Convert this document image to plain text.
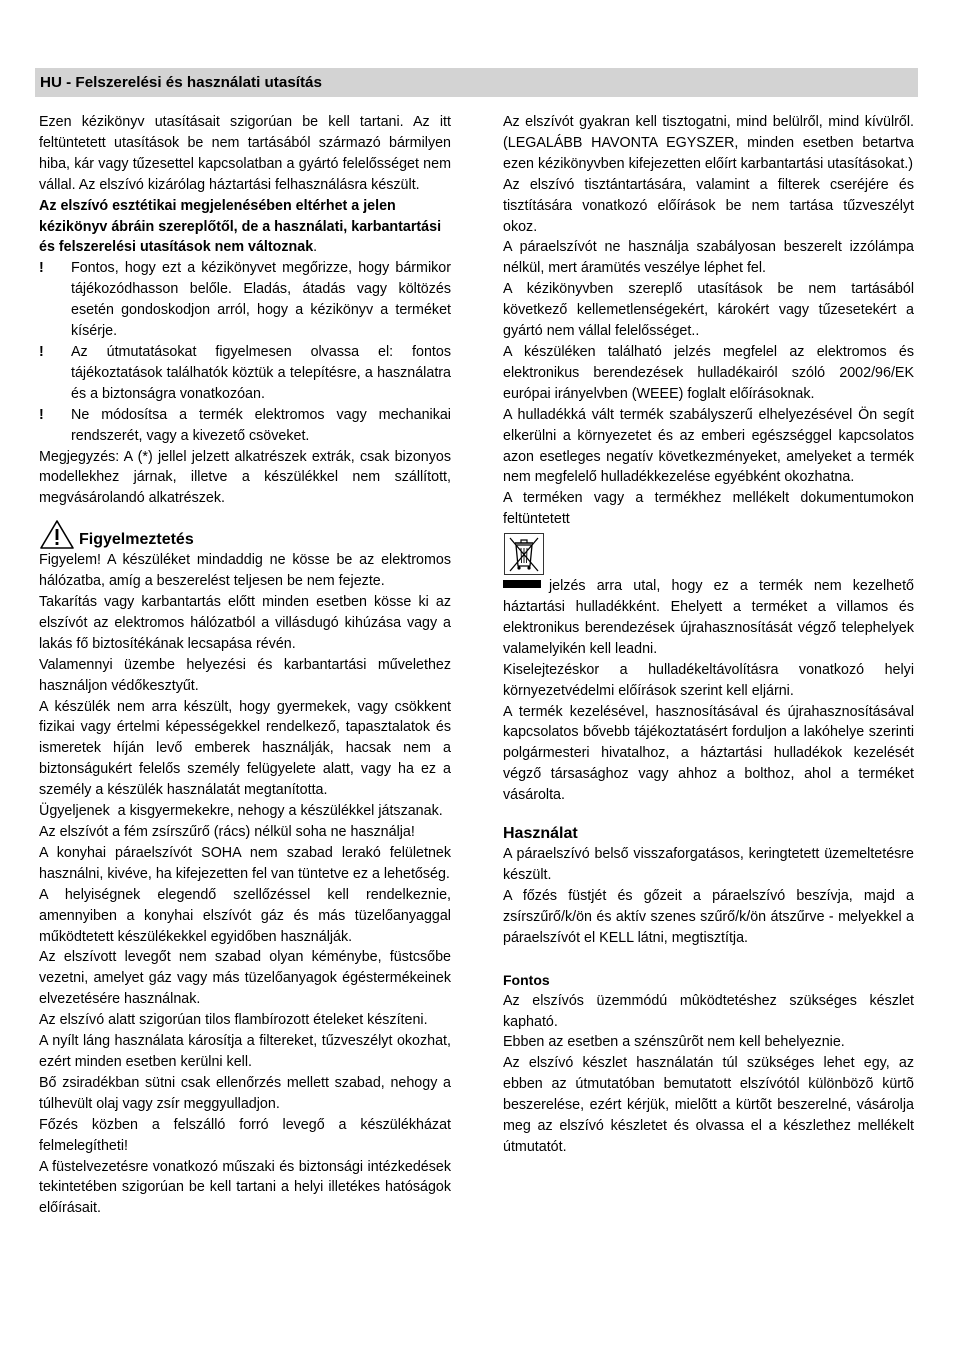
HU - Felszerelési és használati utasítás

Ezen kézikönyv utasításait szigorúan be kell tartani. Az itt feltüntetett utasítások be nem tartásából származó bármilyen hiba, kár vagy tűzesettel kapcsolatban a gyártó felelősséget nem vállal. Az elszívó kizárólag háztartási felhasználásra készült.

Az elszívó esztétikai megjelenésében eltérhet a jelen kézikönyv ábráin szereplőtől, de a használati, karbantartási és felszerelési utasítások nem változnak.

! Fontos, hogy ezt a kézikönyvet megőrizze, hogy bármikor tájékozódhasson belőle. Eladás, átadás vagy költözés esetén gondoskodjon arról, hogy a kézikönyv a terméket kísérje.
! Az útmutatásokat figyelmesen olvassa el: fontos tájékoztatások találhatók köztük a telepítésre, a használatra és a biztonságra vonatkozóan.
! Ne módosítsa a termék elektromos vagy mechanikai rendszerét, vagy a kivezető csöveket.

Megjegyzés: A (*) jellel jelzett alkatrészek extrák, csak bizonyos modellekhez járnak, illetve a készülékkel nem szállított, megvásárolandó alkatrészek.

Figyelmeztetés

Figyelem! A készüléket mindaddig ne kösse be az elektromos hálózatba, amíg a beszerelést teljesen be nem fejezte.

Takarítás vagy karbantartás előtt minden esetben kösse ki az elszívót az elektromos hálózatból a villásdugó kihúzása vagy a lakás fő biztosítékának lecsapása révén.

Valamennyi üzembe helyezési és karbantartási művelethez használjon védőkesztyűt.

A készülék nem arra készült, hogy gyermekek, vagy csökkent fizikai vagy értelmi képességekkel rendelkező, tapasztalatok és ismeretek híján levő emberek használják, hacsak nem a biztonságukért felelős személy felügyelete alatt, vagy ha ez a személy a készülék használatát megtanította.

Ügyeljenek  a kisgyermekekre, nehogy a készülékkel játszanak.

Az elszívót a fém zsírszűrő (rács) nélkül soha ne használja!

A konyhai páraelszívót SOHA nem szabad lerakó felületnek használni, kivéve, ha kifejezetten fel van tüntetve ez a lehetőség.

A helyiségnek elegendő szellőzéssel kell rendelkeznie, amennyiben a konyhai elszívót gáz és más tüzelőanyaggal működtetett készülékekkel egyidőben használják.

Az elszívott levegőt nem szabad olyan kéménybe, füstcsőbe vezetni, amelyet gáz vagy más tüzelőanyagok égéstermékeinek elvezetésére használnak.

Az elszívó alatt szigorúan tilos flambírozott ételeket készíteni.

A nyílt láng használata károsítja a filtereket, tűzveszélyt okozhat, ezért minden esetben kerülni kell.

Bő zsiradékban sütni csak ellenőrzés mellett szabad, nehogy a túlhevült olaj vagy zsír meggyulladjon.

Főzés közben a felszálló forró levegő a készülékházat felmelegítheti!

A füstelvezetésre vonatkozó műszaki és biztonsági intézkedések tekintetében szigorúan be kell tartani a helyi illetékes hatóságok előírásait.

Az elszívót gyakran kell tisztogatni, mind belülről, mind kívülről. (LEGALÁBB HAVONTA EGYSZER, minden esetben betartva ezen kézikönyvben kifejezetten előírt karbantartási utasításokat.)

Az elszívó tisztántartására, valamint a filterek cseréjére és tisztítására vonatkozó előírások be nem tartása tűzveszélyt okoz.

A páraelszívót ne használja szabályosan beszerelt izzólámpa nélkül, mert áramütés veszélye léphet fel.

A kézikönyvben szereplő utasítások be nem tartásából következő kellemetlenségekért, károkért vagy tűzesetekért a gyártó nem vállal felelősséget..

A készüléken található jelzés megfelel az elektromos és elektronikus berendezések hulladékairól szóló 2002/96/EK európai irányelvben (WEEE) foglalt előírásoknak.

A hulladékká vált termék szabályszerű elhelyezésével Ön segít elkerülni a környezetet és az emberi egészséggel kapcsolatos azon esetleges negatív következményeket, amelyeket a termék nem megfelelő hulladékkezelése egyébként okozhatna.

A terméken vagy a termékhez mellékelt dokumentumokon feltüntetett

jelzés arra utal, hogy ez a termék nem kezelhető háztartási hulladékként. Ehelyett a terméket a villamos és elektronikus berendezések újrahasznosítását végző telephelyek valamelyikén kell leadni.

Kiselejtezéskor a hulladékeltávolításra vonatkozó helyi környezetvédelmi előírások szerint kell eljárni.

A termék kezelésével, hasznosításával és újrahasznosításával kapcsolatos bővebb tájékoztatásért forduljon a lakóhelye szerinti polgármesteri hivatalhoz, a háztartási hulladékok kezelését végző társasághoz vagy ahhoz a bolthoz, ahol a terméket vásárolta.

Használat

A páraelszívó belső visszaforgatásos, keringtetett üzemeltetésre készült.

A főzés füstjét és gőzeit a páraelszívó beszívja, majd a zsírszűrő/k/ön és aktív szenes szűrő/k/ön átszűrve - melyekkel a páraelszívót el KELL látni, megtisztítja.

Fontos

Az elszívós üzemmódú mûködtetéshez szükséges készlet kapható.

Ebben az esetben a szénszûrõt nem kell behelyeznie.

Az elszívó készlet használatán túl szükséges lehet egy, az ebben az útmutatóban bemutatott elszívótól különbözõ kürtõ beszerelése, ezért kérjük, mielõtt a kürtõt beszerelné, vásárolja meg az elszívó készletet és olvassa el a készlethez mellékelt útmutatót.
